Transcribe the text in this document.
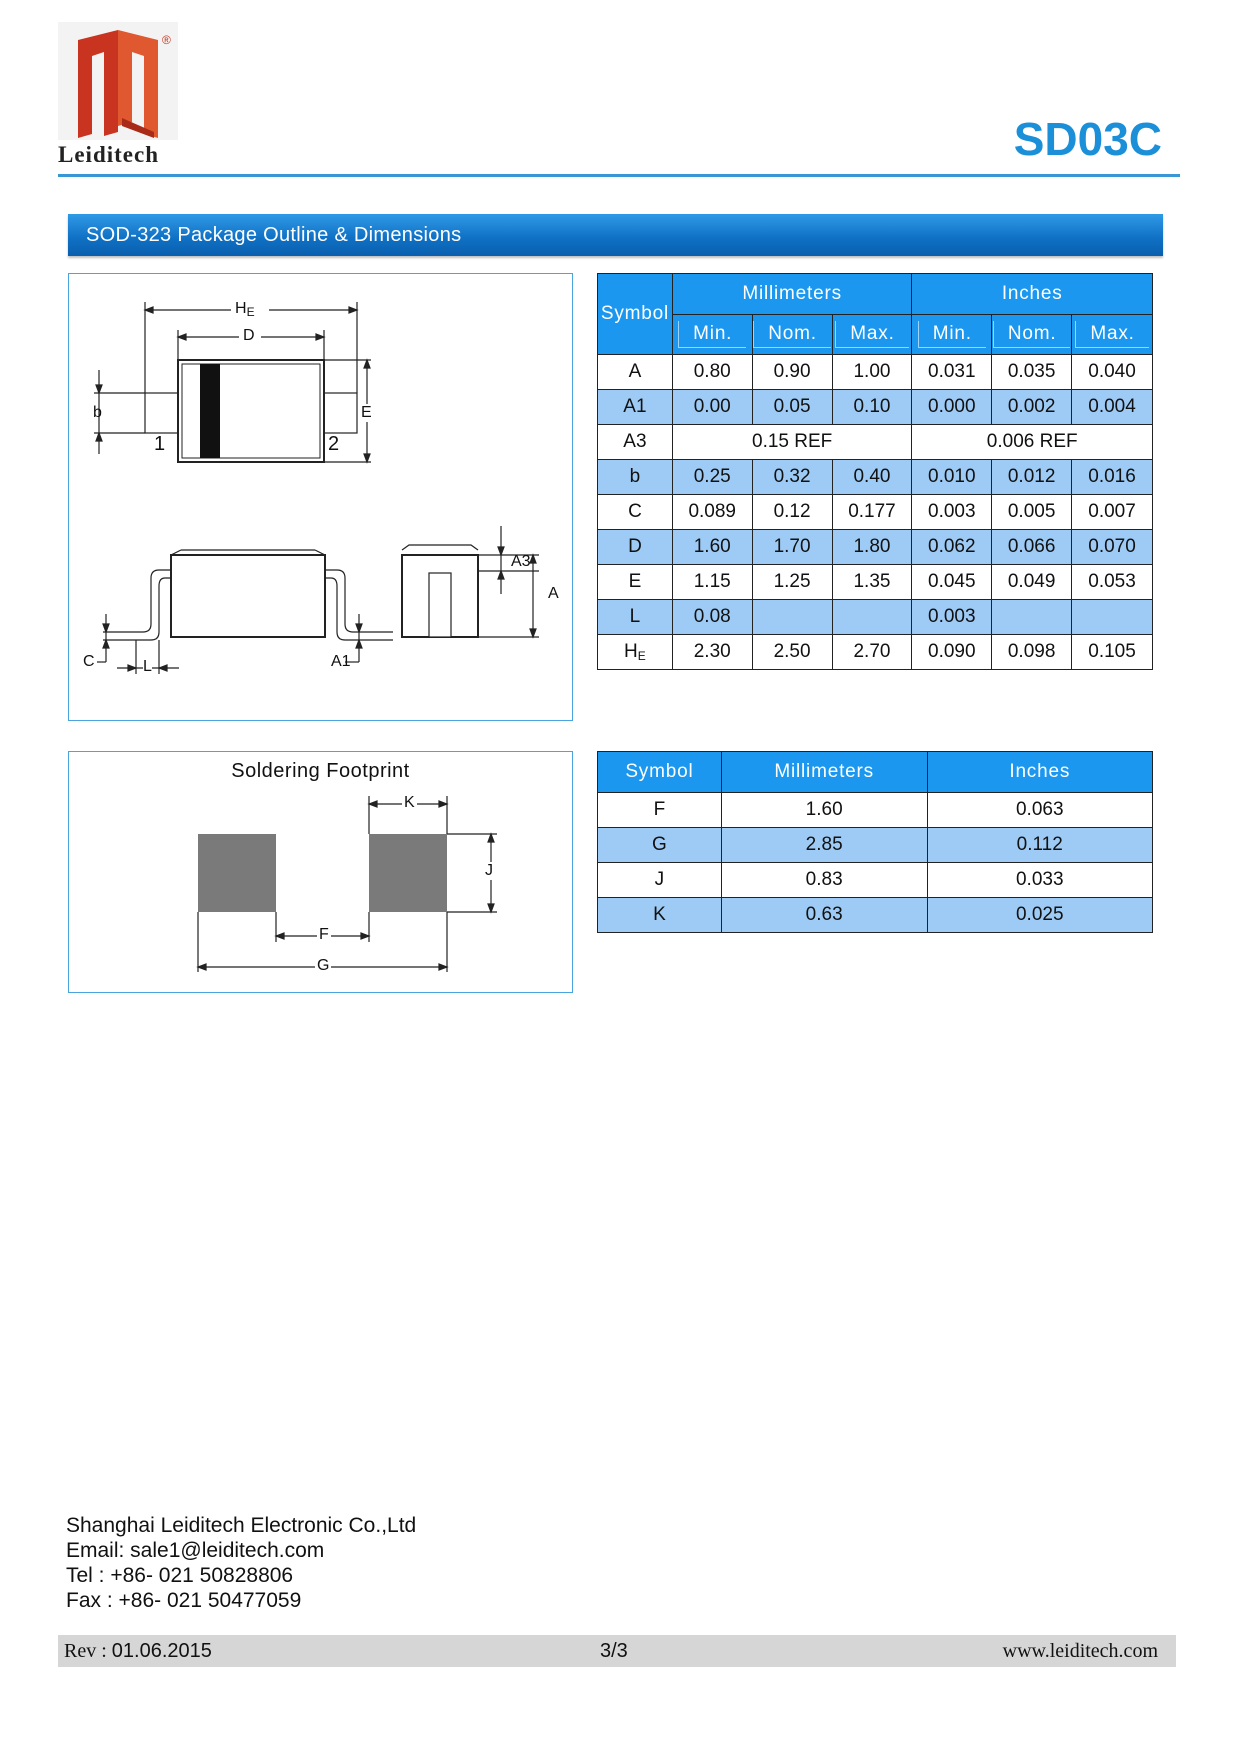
®
Leiditech	SD03C
SOD-323 Package Outline & Dimensions
$H_E$
D
b	E
1	2
A3
A
C	L	A1
Symbol	Millimeters			Inches		
	Min.	Nom.	Max.	Min.	Nom.	Max.
A	0.80	0.90	1.00	0.031	0.035	0.040
A1	0.00	0.05	0.10	0.000	0.002	0.004
A3	0.15 REF			0.006 REF		
b	0.25	0.32	0.40	0.010	0.012	0.016
C	0.089	0.12	0.177	0.003	0.005	0.007
D	1.60	1.70	1.80	0.062	0.066	0.070
E	1.15	1.25	1.35	0.045	0.049	0.053
L	0.08			0.003		
$H_E$	2.30	2.50	2.70	0.090	0.098	0.105
Soldering Footprint
K
J
F
G
Symbol	Millimeters	Inches
F	1.60	0.063
G	2.85	0.112
J	0.83	0.033
K	0.63	0.025
Shanghai Leiditech Electronic Co.,Ltd
Email: sale1@leiditech.com
Tel : +86- 021 50828806
Fax : +86- 021 50477059
Rev : 01.06.2015	3/3	www.leiditech.com
